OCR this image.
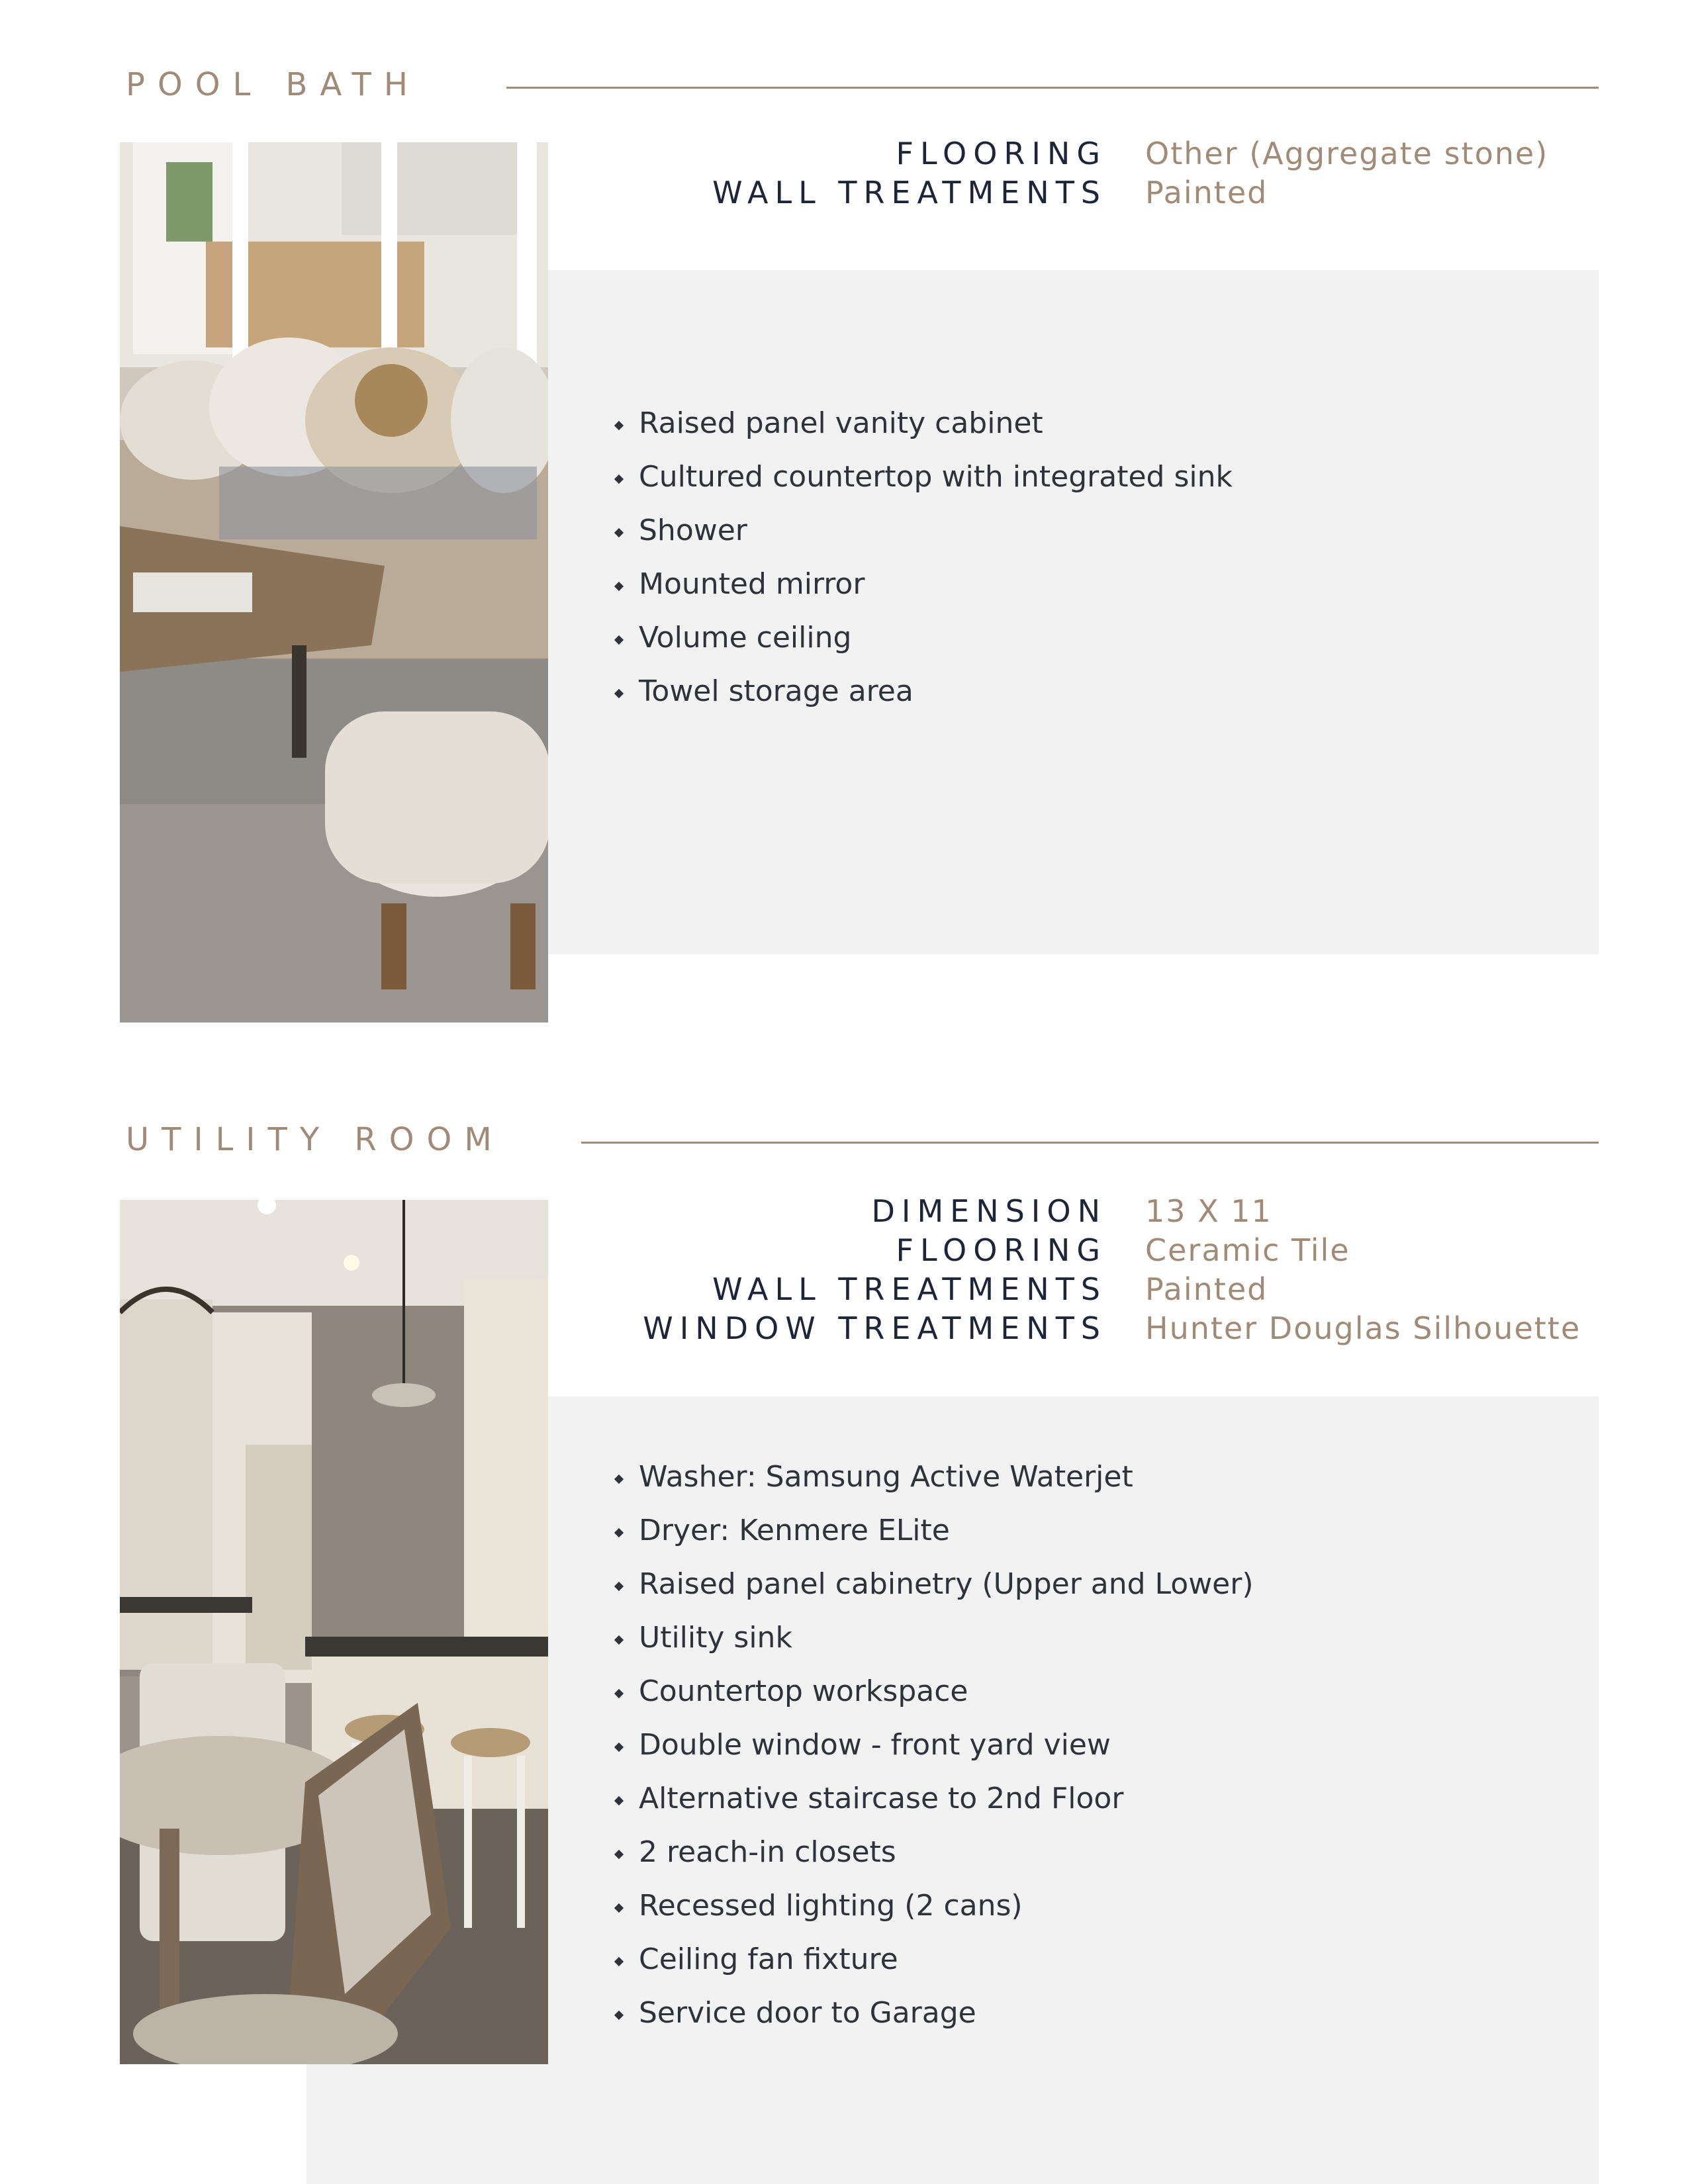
POOL BATH
FLOORING Other (Aggregate stone)
WALL TREATMENTS Painted
Raised panel vanity cabinet
Cultured countertop with integrated sink
Shower
Mounted mirror
Volume ceiling
Towel storage area
UTILITY ROOM
DIMENSION 13 X 11
FLOORING Ceramic Tile
WALL TREATMENTS Painted
WINDOW TREATMENTS Hunter Douglas Silhouette
Washer: Samsung Active Waterjet
Dryer: Kenmere ELite
Raised panel cabinetry (Upper and Lower)
Utility sink
Countertop workspace
Double window - front yard view
Alternative staircase to 2nd Floor
2 reach-in closets
Recessed lighting (2 cans)
Ceiling fan fixture
Service door to Garage
